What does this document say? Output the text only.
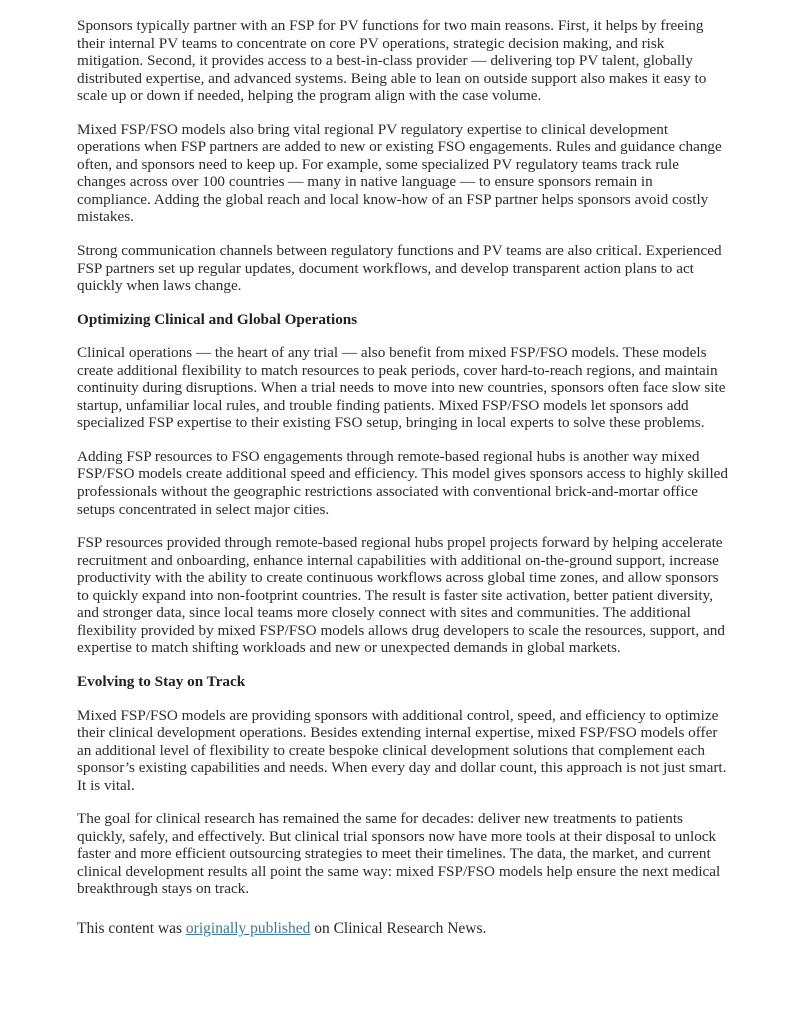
Sponsors typically partner with an FSP for PV functions for two main reasons. First, it helps by freeing their internal PV teams to concentrate on core PV operations, strategic decision making, and risk mitigation. Second, it provides access to a best-in-class provider — delivering top PV talent, globally distributed expertise, and advanced systems. Being able to lean on outside support also makes it easy to scale up or down if needed, helping the program align with the case volume.

Mixed FSP/FSO models also bring vital regional PV regulatory expertise to clinical development operations when FSP partners are added to new or existing FSO engagements. Rules and guidance change often, and sponsors need to keep up. For example, some specialized PV regulatory teams track rule changes across over 100 countries — many in native language — to ensure sponsors remain in compliance. Adding the global reach and local know-how of an FSP partner helps sponsors avoid costly mistakes.

Strong communication channels between regulatory functions and PV teams are also critical. Experienced FSP partners set up regular updates, document workflows, and develop transparent action plans to act quickly when laws change.

Optimizing Clinical and Global Operations

Clinical operations — the heart of any trial — also benefit from mixed FSP/FSO models. These models create additional flexibility to match resources to peak periods, cover hard-to-reach regions, and maintain continuity during disruptions. When a trial needs to move into new countries, sponsors often face slow site startup, unfamiliar local rules, and trouble finding patients. Mixed FSP/FSO models let sponsors add specialized FSP expertise to their existing FSO setup, bringing in local experts to solve these problems.

Adding FSP resources to FSO engagements through remote-based regional hubs is another way mixed FSP/FSO models create additional speed and efficiency. This model gives sponsors access to highly skilled professionals without the geographic restrictions associated with conventional brick-and-mortar office setups concentrated in select major cities.

FSP resources provided through remote-based regional hubs propel projects forward by helping accelerate recruitment and onboarding, enhance internal capabilities with additional on-the-ground support, increase productivity with the ability to create continuous workflows across global time zones, and allow sponsors to quickly expand into non-footprint countries. The result is faster site activation, better patient diversity, and stronger data, since local teams more closely connect with sites and communities. The additional flexibility provided by mixed FSP/FSO models allows drug developers to scale the resources, support, and expertise to match shifting workloads and new or unexpected demands in global markets.

Evolving to Stay on Track

Mixed FSP/FSO models are providing sponsors with additional control, speed, and efficiency to optimize their clinical development operations. Besides extending internal expertise, mixed FSP/FSO models offer an additional level of flexibility to create bespoke clinical development solutions that complement each sponsor’s existing capabilities and needs. When every day and dollar count, this approach is not just smart. It is vital.

The goal for clinical research has remained the same for decades: deliver new treatments to patients quickly, safely, and effectively. But clinical trial sponsors now have more tools at their disposal to unlock faster and more efficient outsourcing strategies to meet their timelines. The data, the market, and current clinical development results all point the same way: mixed FSP/FSO models help ensure the next medical breakthrough stays on track.

This content was originally published on Clinical Research News.
